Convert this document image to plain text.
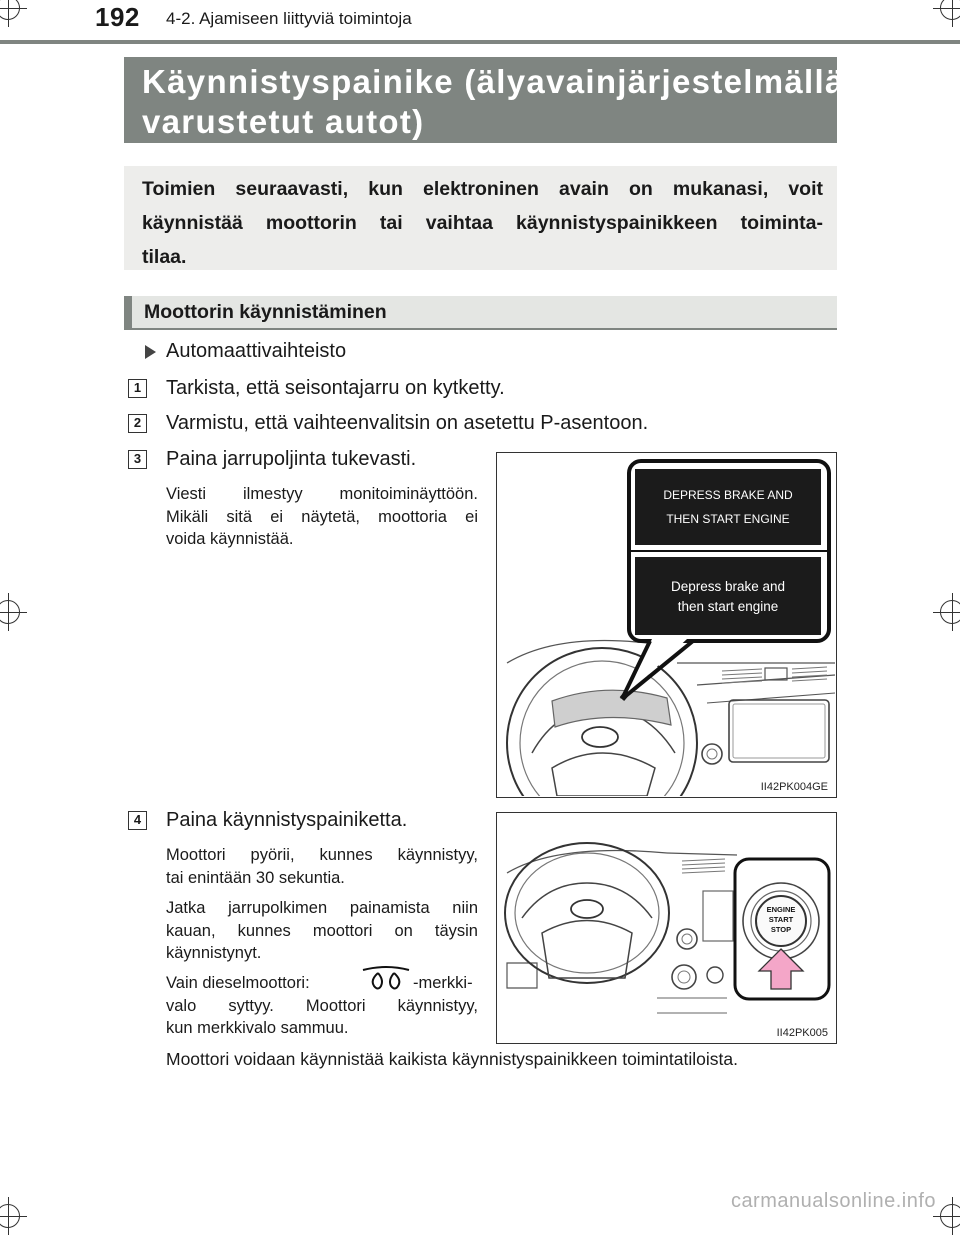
192 4-2. Ajamiseen liittyviä toimintoja
Käynnistyspainike (älyavainjärjestelmällä
varustetut autot)
Toimien seuraavasti, kun elektroninen avain on mukanasi, voit
käynnistää moottorin tai vaihtaa käynnistyspainikkeen toiminta-
tilaa.
Moottorin käynnistäminen
Automaattivaihteisto
1 Tarkista, että seisontajarru on kytketty.
2 Varmistu, että vaihteenvalitsin on asetettu P-asentoon.
3 Paina jarrupoljinta tukevasti.
Viesti ilmestyy monitoiminäyttöön.
Mikäli sitä ei näytetä, moottoria ei
voida käynnistää.
DEPRESS BRAKE AND
THEN START ENGINE
Depress brake and
then start engine
II42PK004GE
4 Paina käynnistyspainiketta.
Moottori pyörii, kunnes käynnistyy,
tai enintään 30 sekuntia.
Jatka jarrupolkimen painamista niin
kauan, kunnes moottori on täysin
käynnistynyt.
Vain dieselmoottori:	-merkki-
valo syttyy. Moottori käynnistyy,
kun merkkivalo sammuu.
ENGINE
START
STOP
II42PK005
Moottori voidaan käynnistää kaikista käynnistyspainikkeen toimintatiloista.
carmanualsonline.info
